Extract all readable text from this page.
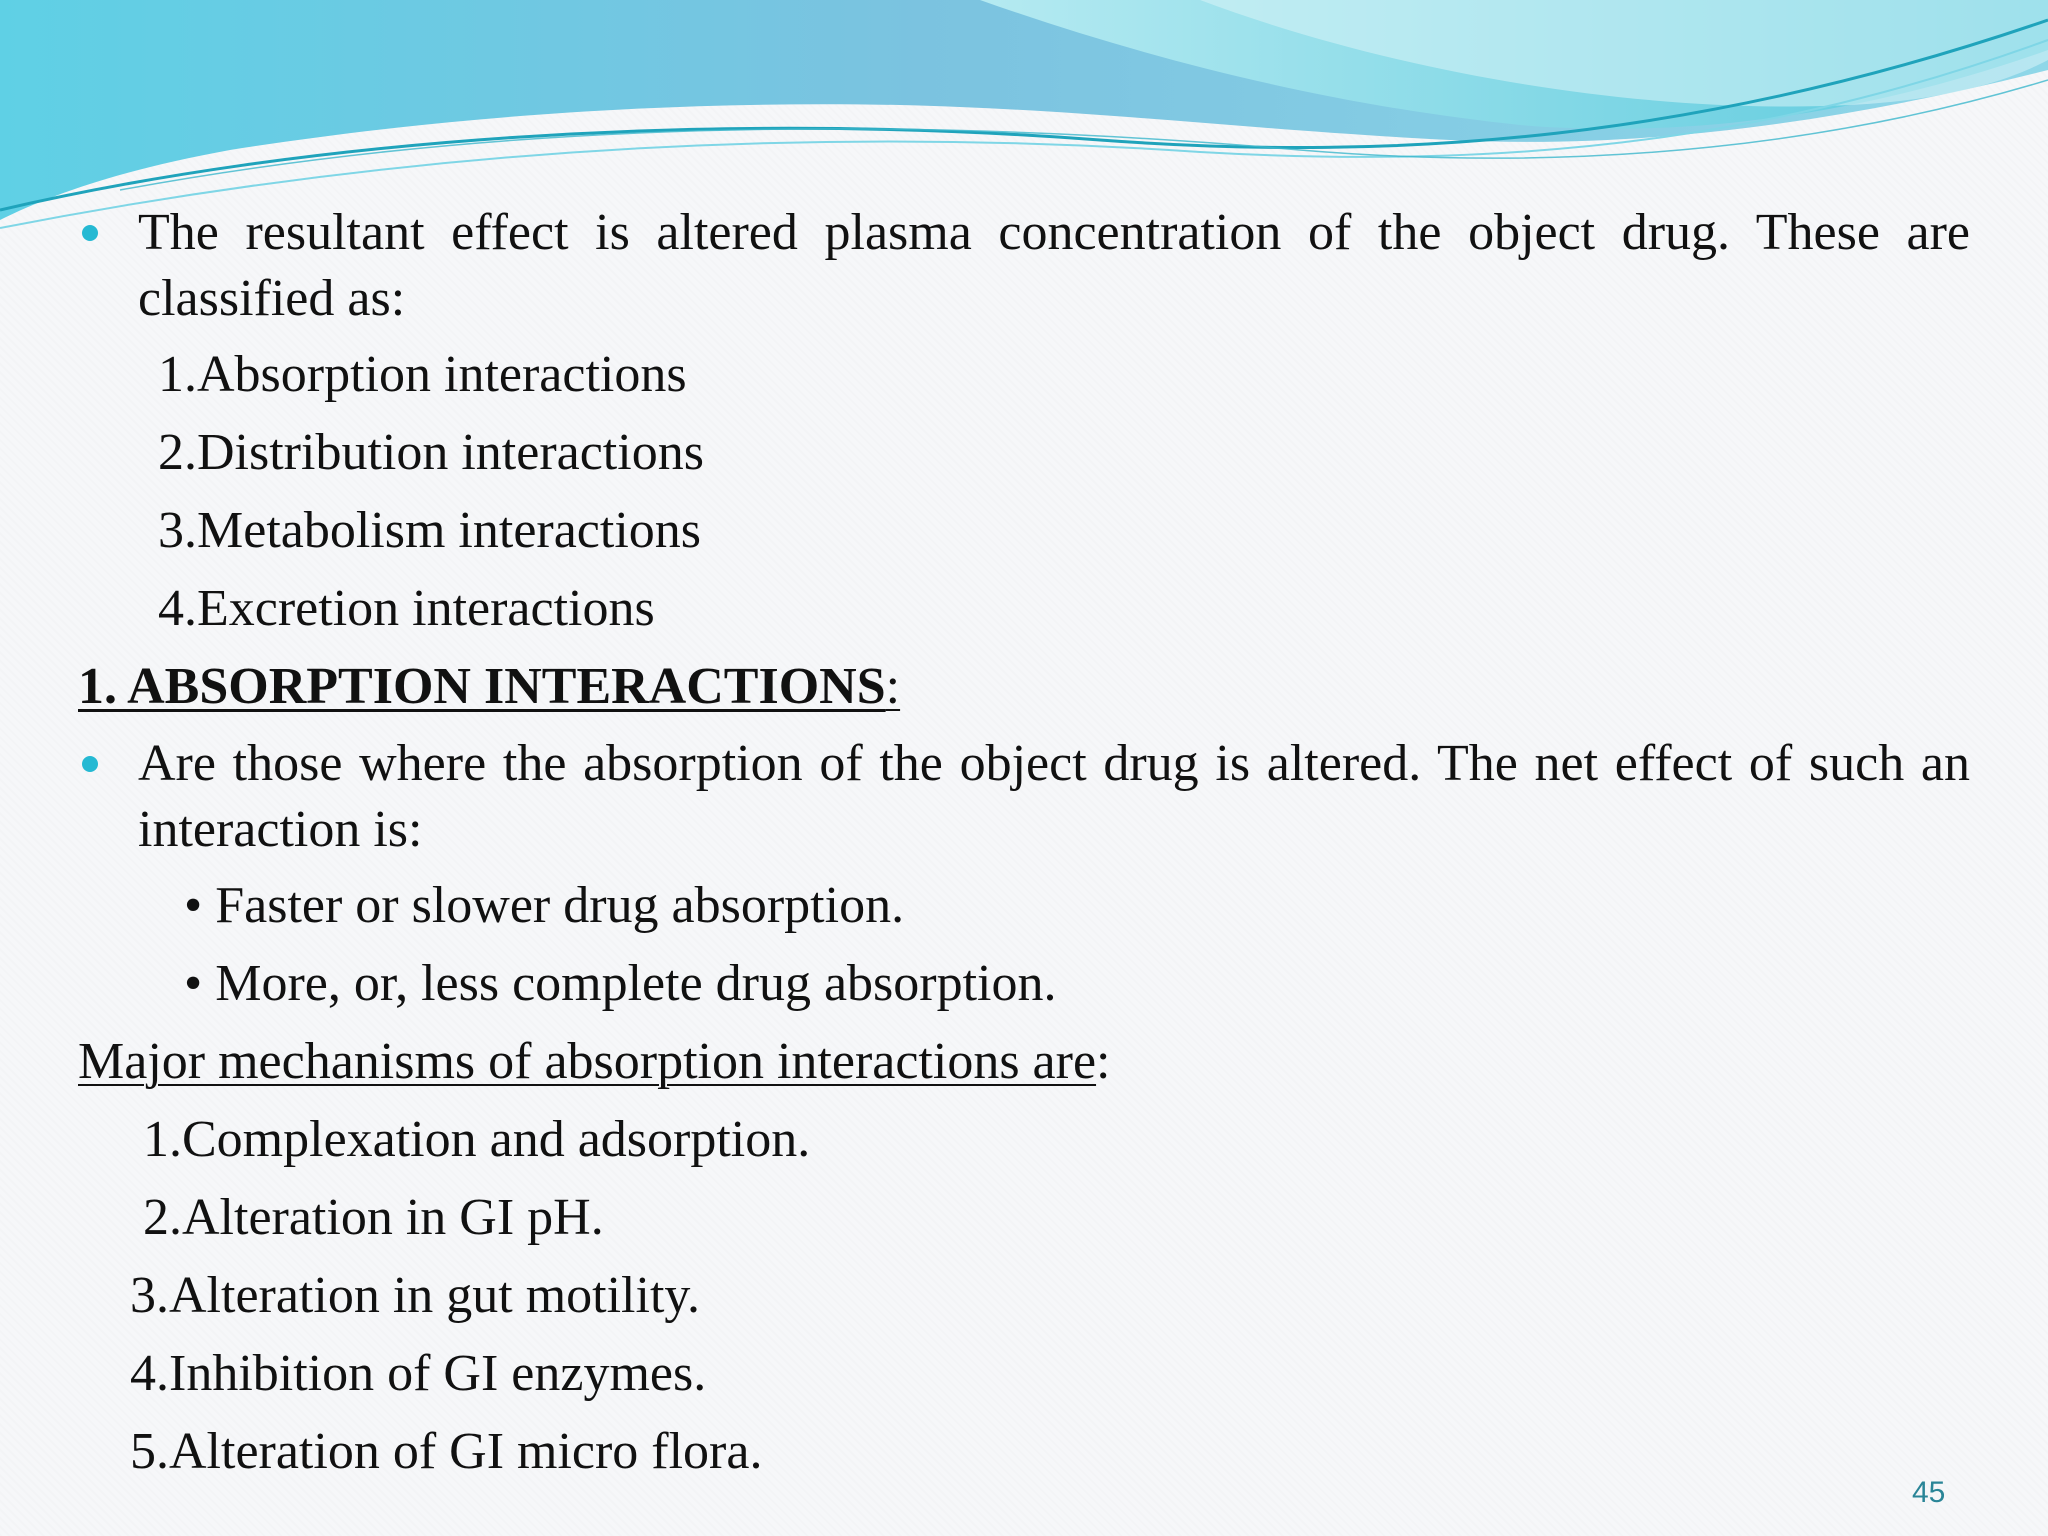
The resultant effect is altered plasma concentration of the object drug. These are classified as:
1.Absorption interactions
2.Distribution interactions
3.Metabolism interactions
4.Excretion interactions
1. ABSORPTION INTERACTIONS:
Are those where the absorption of the object drug is altered. The net effect of such an interaction is:
• Faster or slower drug absorption.
• More, or, less complete drug absorption.
Major mechanisms of absorption interactions are:
1.Complexation and adsorption.
2.Alteration in GI pH.
3.Alteration in gut motility.
4.Inhibition of GI enzymes.
5.Alteration of GI micro flora.
45
